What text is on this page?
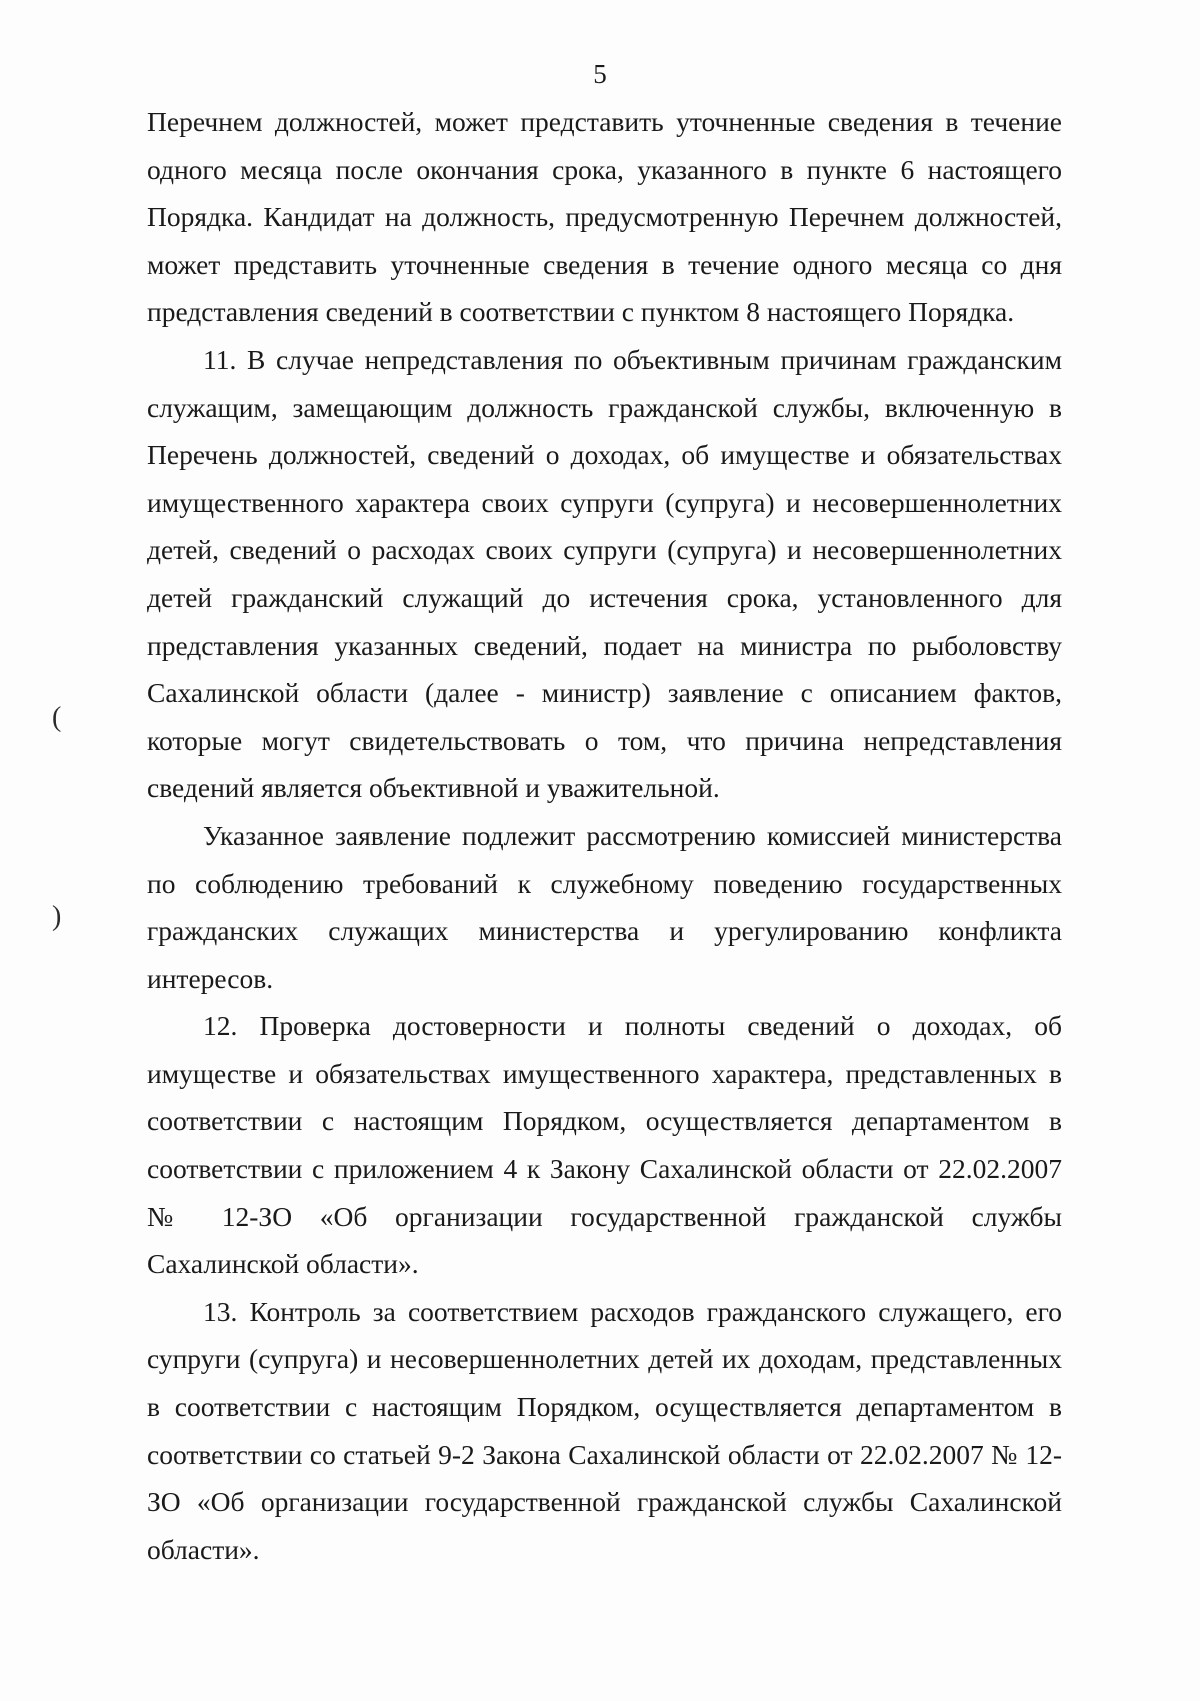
5
(
)

Перечнем должностей, может представить уточненные сведения в течение одного месяца после окончания срока, указанного в пункте 6 настоящего Порядка. Кандидат на должность, предусмотренную Перечнем должностей, может представить уточненные сведения в течение одного месяца со дня представления сведений в соответствии с пунктом 8 настоящего Порядка.

11. В случае непредставления по объективным причинам гражданским служащим, замещающим должность гражданской службы, включенную в Перечень должностей, сведений о доходах, об имуществе и обязательствах имущественного характера своих супруги (супруга) и несовершеннолетних детей, сведений о расходах своих супруги (супруга) и несовершеннолетних детей гражданский служащий до истечения срока, установленного для представления указанных сведений, подает на министра по рыболовству Сахалинской области (далее - министр) заявление с описанием фактов, которые могут свидетельствовать о том, что причина непредставления сведений является объективной и уважительной.

Указанное заявление подлежит рассмотрению комиссией министерства по соблюдению требований к служебному поведению государственных гражданских служащих министерства и урегулированию конфликта интересов.

12. Проверка достоверности и полноты сведений о доходах, об имуществе и обязательствах имущественного характера, представленных в соответствии с настоящим Порядком, осуществляется департаментом в соответствии с приложением 4 к Закону Сахалинской области от 22.02.2007 № 12-ЗО «Об организации государственной гражданской службы Сахалинской области».

13. Контроль за соответствием расходов гражданского служащего, его супруги (супруга) и несовершеннолетних детей их доходам, представленных в соответствии с настоящим Порядком, осуществляется департаментом в соответствии со статьей 9-2 Закона Сахалинской области от 22.02.2007 № 12-ЗО «Об организации государственной гражданской службы Сахалинской области».
